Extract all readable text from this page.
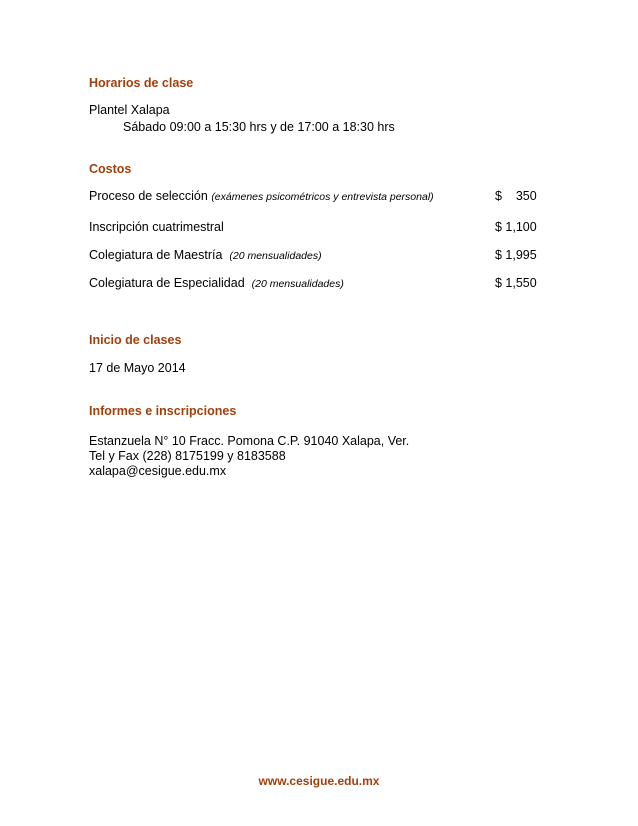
Horarios de clase
Plantel Xalapa
Sábado 09:00 a 15:30 hrs y de 17:00 a 18:30 hrs
Costos
Proceso de selección (exámenes psicométricos y entrevista personal)	$    350
Inscripción cuatrimestral	$ 1,100
Colegiatura de Maestría (20 mensualidades)	$ 1,995
Colegiatura de Especialidad (20 mensualidades)	$ 1,550
Inicio de clases
17 de Mayo 2014
Informes e inscripciones
Estanzuela N° 10 Fracc. Pomona C.P. 91040 Xalapa, Ver.
Tel y Fax (228) 8175199 y 8183588
xalapa@cesigue.edu.mx
www.cesigue.edu.mx
